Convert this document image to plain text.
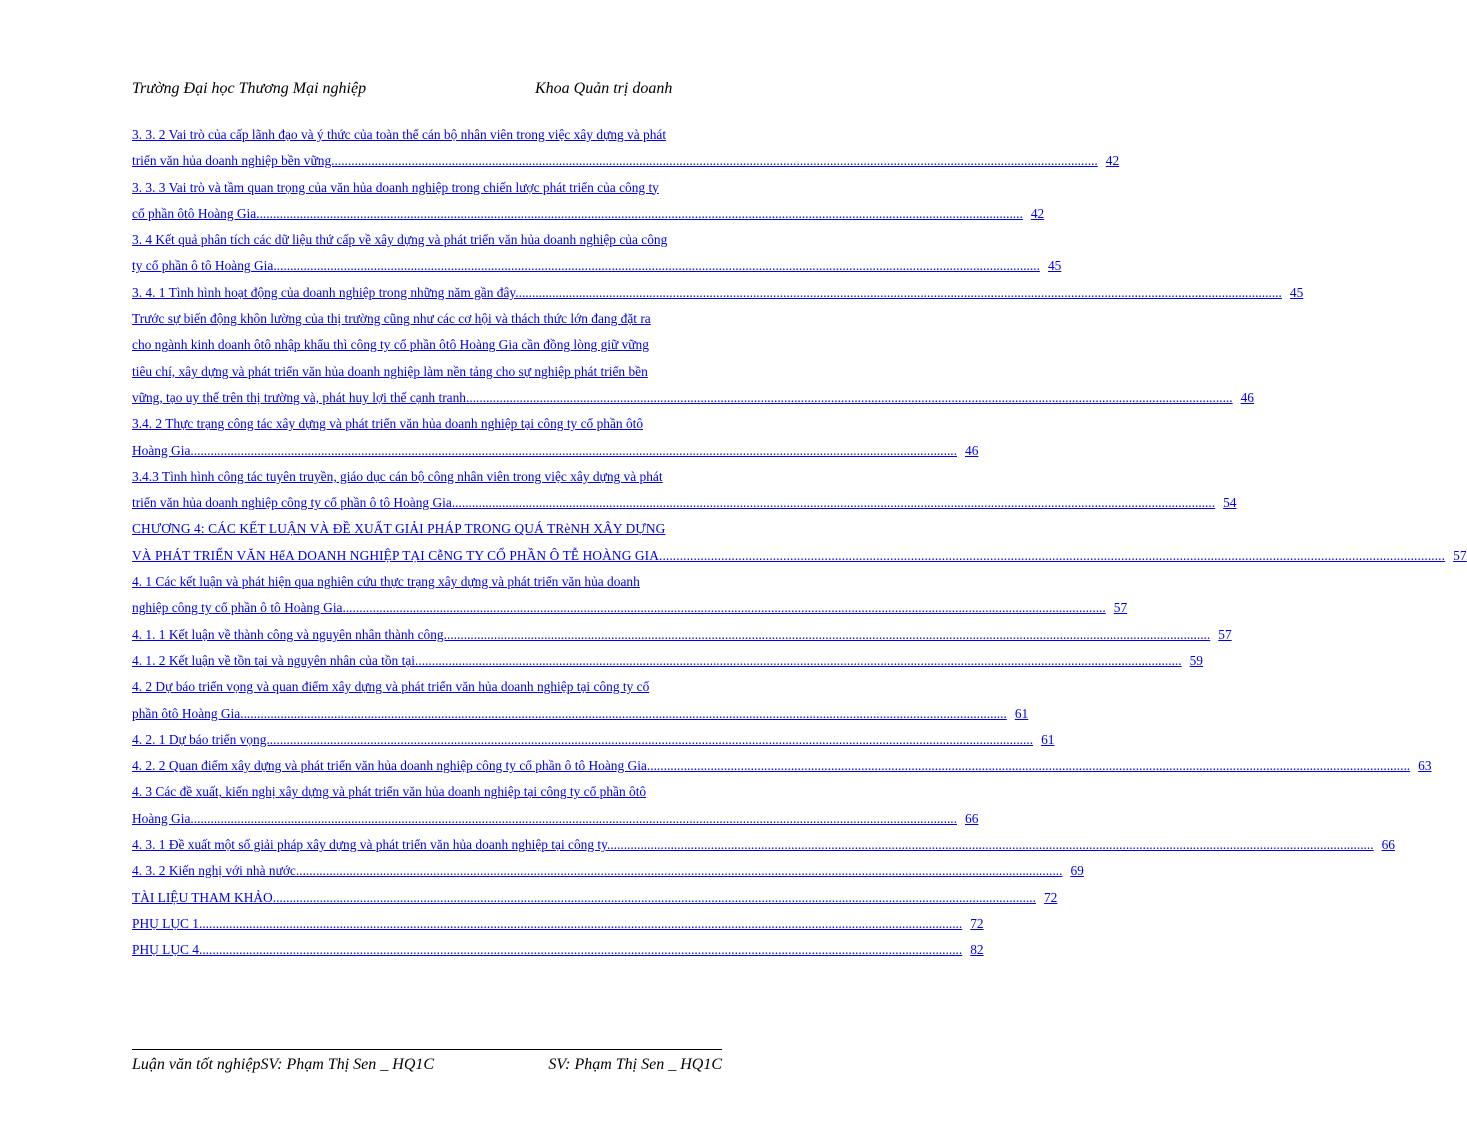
Trường Đại học Thương Mại nghiệp	Khoa Quản trị doanh
3. 3. 2 Vai trò của cấp lãnh đạo và ý thức của toàn thể cán bộ nhân viên trong việc xây dựng và phát
triển văn hủa doanh nghiệp bền vững. .....	42
3. 3. 3 Vai trò và tầm quan trọng của văn hủa doanh nghiệp trong chiến lược phát triển của công ty
cổ phần ôtô Hoàng Gia. .....	42
3. 4 Kết quả phân tích các dữ liệu thứ cấp về xây dựng và phát triển văn hủa doanh nghiệp của công
ty cổ phần ô tô Hoàng Gia. .....	45
3. 4. 1 Tình hình hoạt động của doanh nghiệp trong những năm gần đây. .....	45
Trước sự biến động khôn lường của thị trường cũng như các cơ hội và thách thức lớn đang đặt ra
cho ngành kinh doanh ôtô nhập khẩu thì công ty cổ phần ôtô Hoàng Gia cần đồng lòng giữ vững
tiêu chí, xây dựng và phát triển văn hủa doanh nghiệp làm nền tảng cho sự nghiệp phát triển bền
vững, tạo uy thế trên thị trường và, phát huy lợi thế cạnh tranh. .....	46
3.4. 2 Thực trạng công tác xây dựng và phát triển văn hủa doanh nghiệp tại công ty cổ phần ôtô
Hoàng Gia. .....	46
3.4.3 Tình hình công tác tuyên truyền, giáo dục cán bộ công nhân viên trong việc xây dựng và phát
triển văn hủa doanh nghiệp công ty cổ phần ô tô Hoàng Gia .....	54
CHƯƠNG 4: CÁC KẾT LUẬN VÀ ĐỀ XUẤT GIẢI PHÁP TRONG QUÁ TRèNH XÂY DỰNG
VÀ PHÁT TRIỂN VĂN HểA DOANH NGHIỆP TẠI CễNG TY CỔ PHẦN Ô TỄ HOÀNG GIA .....	57
4. 1 Các kết luận và phát hiện qua nghiên cứu thực trạng xây dựng và phát triển văn hủa doanh
nghiệp công ty cổ phần ô tô Hoàng Gia .....	57
4. 1. 1 Kết luận về thành công và nguyên nhân thành công. .....	57
4. 1. 2 Kết luận về tồn tại và nguyên nhân của tồn tại. .....	59
4. 2 Dự báo triển vọng và quan điểm xây dựng và phát triển văn hủa doanh nghiệp tại công ty cổ
phần ôtô Hoàng Gia. .....	61
4. 2. 1 Dự báo triển vọng. .....	61
4. 2. 2 Quan điểm xây dựng và phát triển văn hủa doanh nghiệp công ty cổ phần ô tô Hoàng Gia .....	63
4. 3 Các đề xuất, kiến nghị xây dựng và phát triển văn hủa doanh nghiệp tại công ty cổ phần ôtô
Hoàng Gia. .....	66
4. 3. 1 Đề xuất một số giải pháp xây dựng và phát triển văn hủa doanh nghiệp tại công ty. .....	66
4. 3. 2 Kiến nghị với nhà nước. .....	69
TÀI LIỆU THAM KHẢO .....	72
PHỤ LỤC 1 .....	72
PHỤ LỤC 4 .....	82
Luận văn tốt nghiệpSV: Phạm Thị Sen _ HQ1C	SV: Phạm Thị Sen _ HQ1C
